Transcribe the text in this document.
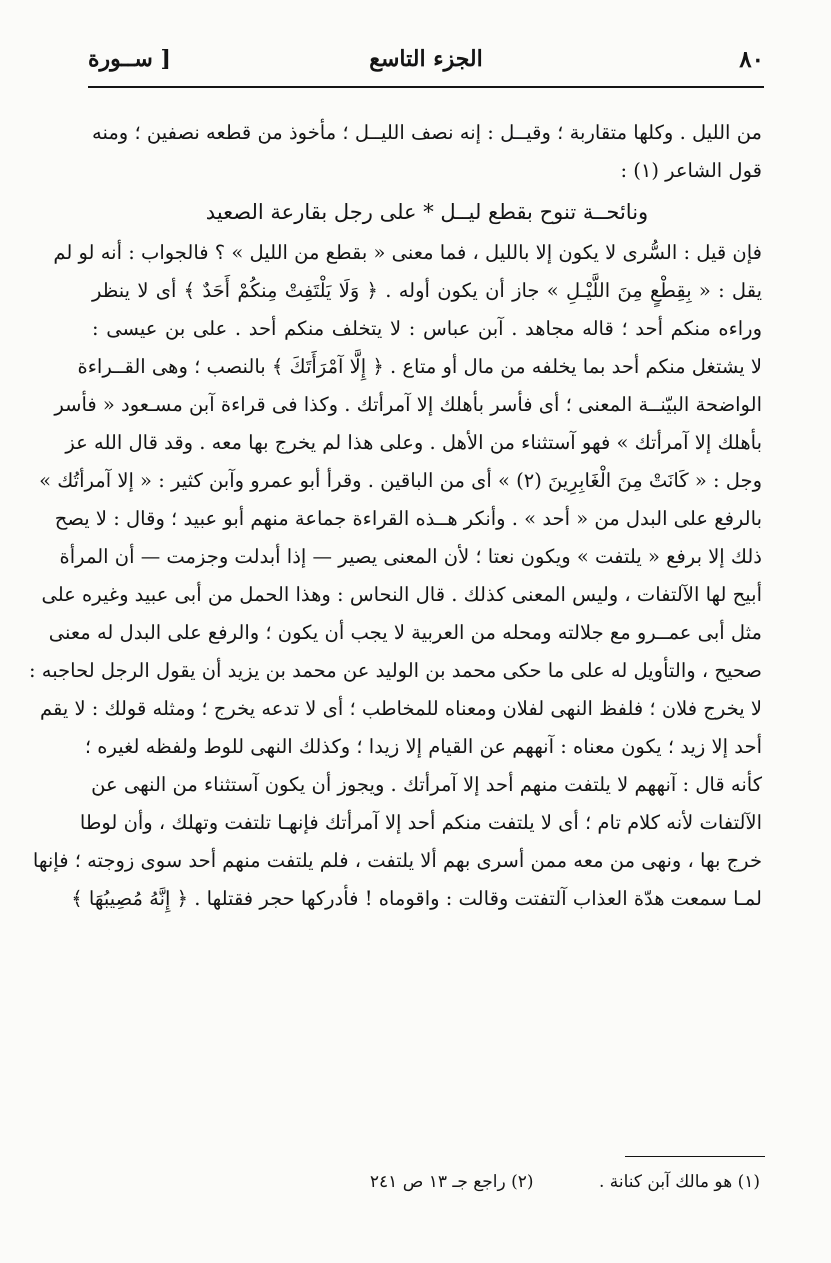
٨٠
الجزء التاسع
[ ســورة
من الليل . وكلها متقاربة ؛ وقيــل : إنه نصف الليــل ؛ مأخوذ من قطعه نصفين ؛ ومنه
قول الشاعر (١) :
ونائحــة تنوح بقطع ليــل * على رجل بقارعة الصعيد
فإن قيل : السُّرى لا يكون إلا بالليل ، فما معنى « بقطع من الليل » ؟ فالجواب : أنه لو لم
يقل : « بِقِطْعٍ مِنَ اللَّيْـلِ » جاز أن يكون أوله . ﴿ وَلَا يَلْتَفِتْ مِنكُمْ أَحَدٌ ﴾ أى لا ينظر
وراءه منكم أحد ؛ قاله مجاهد . آبن عباس : لا يتخلف منكم أحد . على بن عيسى :
لا يشتغل منكم أحد بما يخلفه من مال أو متاع . ﴿ إِلَّا آمْرَأَتَكَ ﴾ بالنصب ؛ وهى القــراءة
الواضحة البيّنــة المعنى ؛ أى فأسر بأهلك إلا آمرأتك . وكذا فى قراءة آبن مسـعود « فأسر
بأهلك إلا آمرأتك » فهو آستثناء من الأهل . وعلى هذا لم يخرج بها معه . وقد قال الله عز
وجل : « كَانَتْ مِنَ الْغَابِرِينَ (٢) » أى من الباقين . وقرأ أبو عمرو وآبن كثير : « إلا آمرأتُك »
بالرفع على البدل من « أحد » . وأنكر هــذه القراءة جماعة منهم أبو عبيد ؛ وقال : لا يصح
ذلك إلا برفع « يلتفت » ويكون نعتا ؛ لأن المعنى يصير — إذا أبدلت وجزمت — أن المرأة
أبيح لها الآلتفات ، وليس المعنى كذلك . قال النحاس : وهذا الحمل من أبى عبيد وغيره على
مثل أبى عمــرو مع جلالته ومحله من العربية لا يجب أن يكون ؛ والرفع على البدل له معنى
صحيح ، والتأويل له على ما حكى محمد بن الوليد عن محمد بن يزيد أن يقول الرجل لحاجبه :
لا يخرج فلان ؛ فلفظ النهى لفلان ومعناه للمخاطب ؛ أى لا تدعه يخرج ؛ ومثله قولك : لا يقم
أحد إلا زيد ؛ يكون معناه : آنههم عن القيام إلا زيدا ؛ وكذلك النهى للوط ولفظه لغيره ؛
كأنه قال : آنههم لا يلتفت منهم أحد إلا آمرأتك . ويجوز أن يكون آستثناء من النهى عن
الآلتفات لأنه كلام تام ؛ أى لا يلتفت منكم أحد إلا آمرأتك فإنهـا تلتفت وتهلك ، وأن لوطا
خرج بها ، ونهى من معه ممن أسرى بهم ألا يلتفت ، فلم يلتفت منهم أحد سوى زوجته ؛ فإنها
لمـا سمعت هدّة العذاب آلتفتت وقالت : واقوماه ! فأدركها حجر فقتلها . ﴿ إِنَّهُ مُصِيبُهَا ﴾
(١) هو مالك آبن كنانة . (٢) راجع جـ ١٣ ص ٢٤١
